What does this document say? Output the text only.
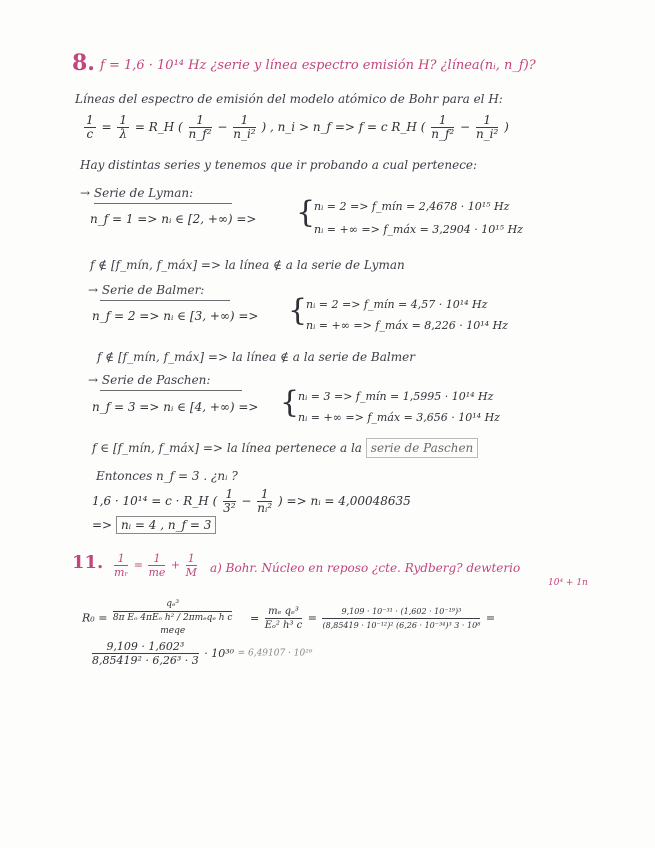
8. f = 1,6 · 10¹⁴ Hz ¿serie y línea espectro emisión H? ¿línea(nᵢ, n_f)?
Líneas del espectro de emisión del modelo atómico de Bohr para el H:
$\frac{1}{c} = \frac{1}{\lambda}$ = R_H ( $\frac{1}{\text{n\_f²}} - \frac{1}{\text{n\_i²}}$ ) , n_i > n_f => f = c R_H ( $\frac{1}{\text{n\_f²}} - \frac{1}{\text{n\_i²}}$ )
Hay distintas series y tenemos que ir probando a cual pertenece:
→ Serie de Lyman:
n_f = 1 => nᵢ ∈ [2, +∞) => {
nᵢ = 2 => f_mín = 2,4678 · 10¹⁵ Hz
nᵢ = +∞ => f_máx = 3,2904 · 10¹⁵ Hz
f ∉ [f_mín, f_máx] => la línea ∉ a la serie de Lyman
→ Serie de Balmer:
n_f = 2 => nᵢ ∈ [3, +∞) => {
nᵢ = 2 => f_mín = 4,57 · 10¹⁴ Hz
nᵢ = +∞ => f_máx = 8,226 · 10¹⁴ Hz
f ∉ [f_mín, f_máx] => la línea ∉ a la serie de Balmer
→ Serie de Paschen:
n_f = 3 => nᵢ ∈ [4, +∞) => {
nᵢ = 3 => f_mín = 1,5995 · 10¹⁴ Hz
nᵢ = +∞ => f_máx = 3,656 · 10¹⁴ Hz
f ∈ [f_mín, f_máx] => la línea pertenece a la serie de Paschen
Entonces n_f = 3 . ¿nᵢ ?
1,6 · 10¹⁴ = c · R_H ( $\frac{1}{\text{3²}} - \frac{1}{\text{nᵢ²}}$ ) => nᵢ = 4,00048635
=> nᵢ = 4 , n_f = 3
11. $\frac{1}{\text{mᵣ}} = \frac{1}{me} + \frac{1}{M} a$) Bohr. Núcleo en reposo ¿cte. Rydberg? dewterio
10⁴ + 1n
R₀ =
qₑ³
8π Eₒ 4πEₒ h² / 2πmₑqₑ h c
meqe
= $\frac{\text{mₑ qₑ³}}{\text{Eₒ² h³ c}} = \frac{\text{9,109 · 10⁻³¹ · (1,602 · 10⁻¹⁹)³}}{\text{(8,85419 · 10⁻¹²)² (6,26 · 10⁻³⁴)³ 3 · 10⁸}}$ =
$\frac{\text{9,109 · 1,602³}}{\text{8,85419² · 6,26³ · 3}} \cdot 10^{30} = 6,49107 \cdot 10^{26}$
